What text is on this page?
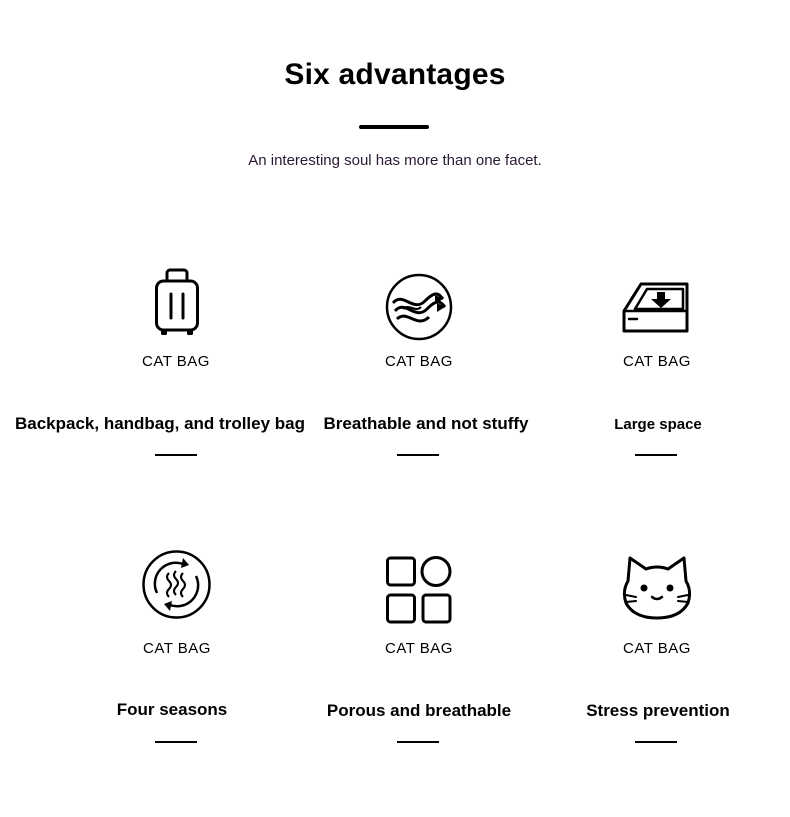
Six advantages

An interesting soul has more than one facet.

CAT BAG
Backpack, handbag, and trolley bag
CAT BAG
Breathable and not stuffy
CAT BAG
Large space
CAT BAG
Four seasons
CAT BAG
Porous and breathable
CAT BAG
Stress prevention
